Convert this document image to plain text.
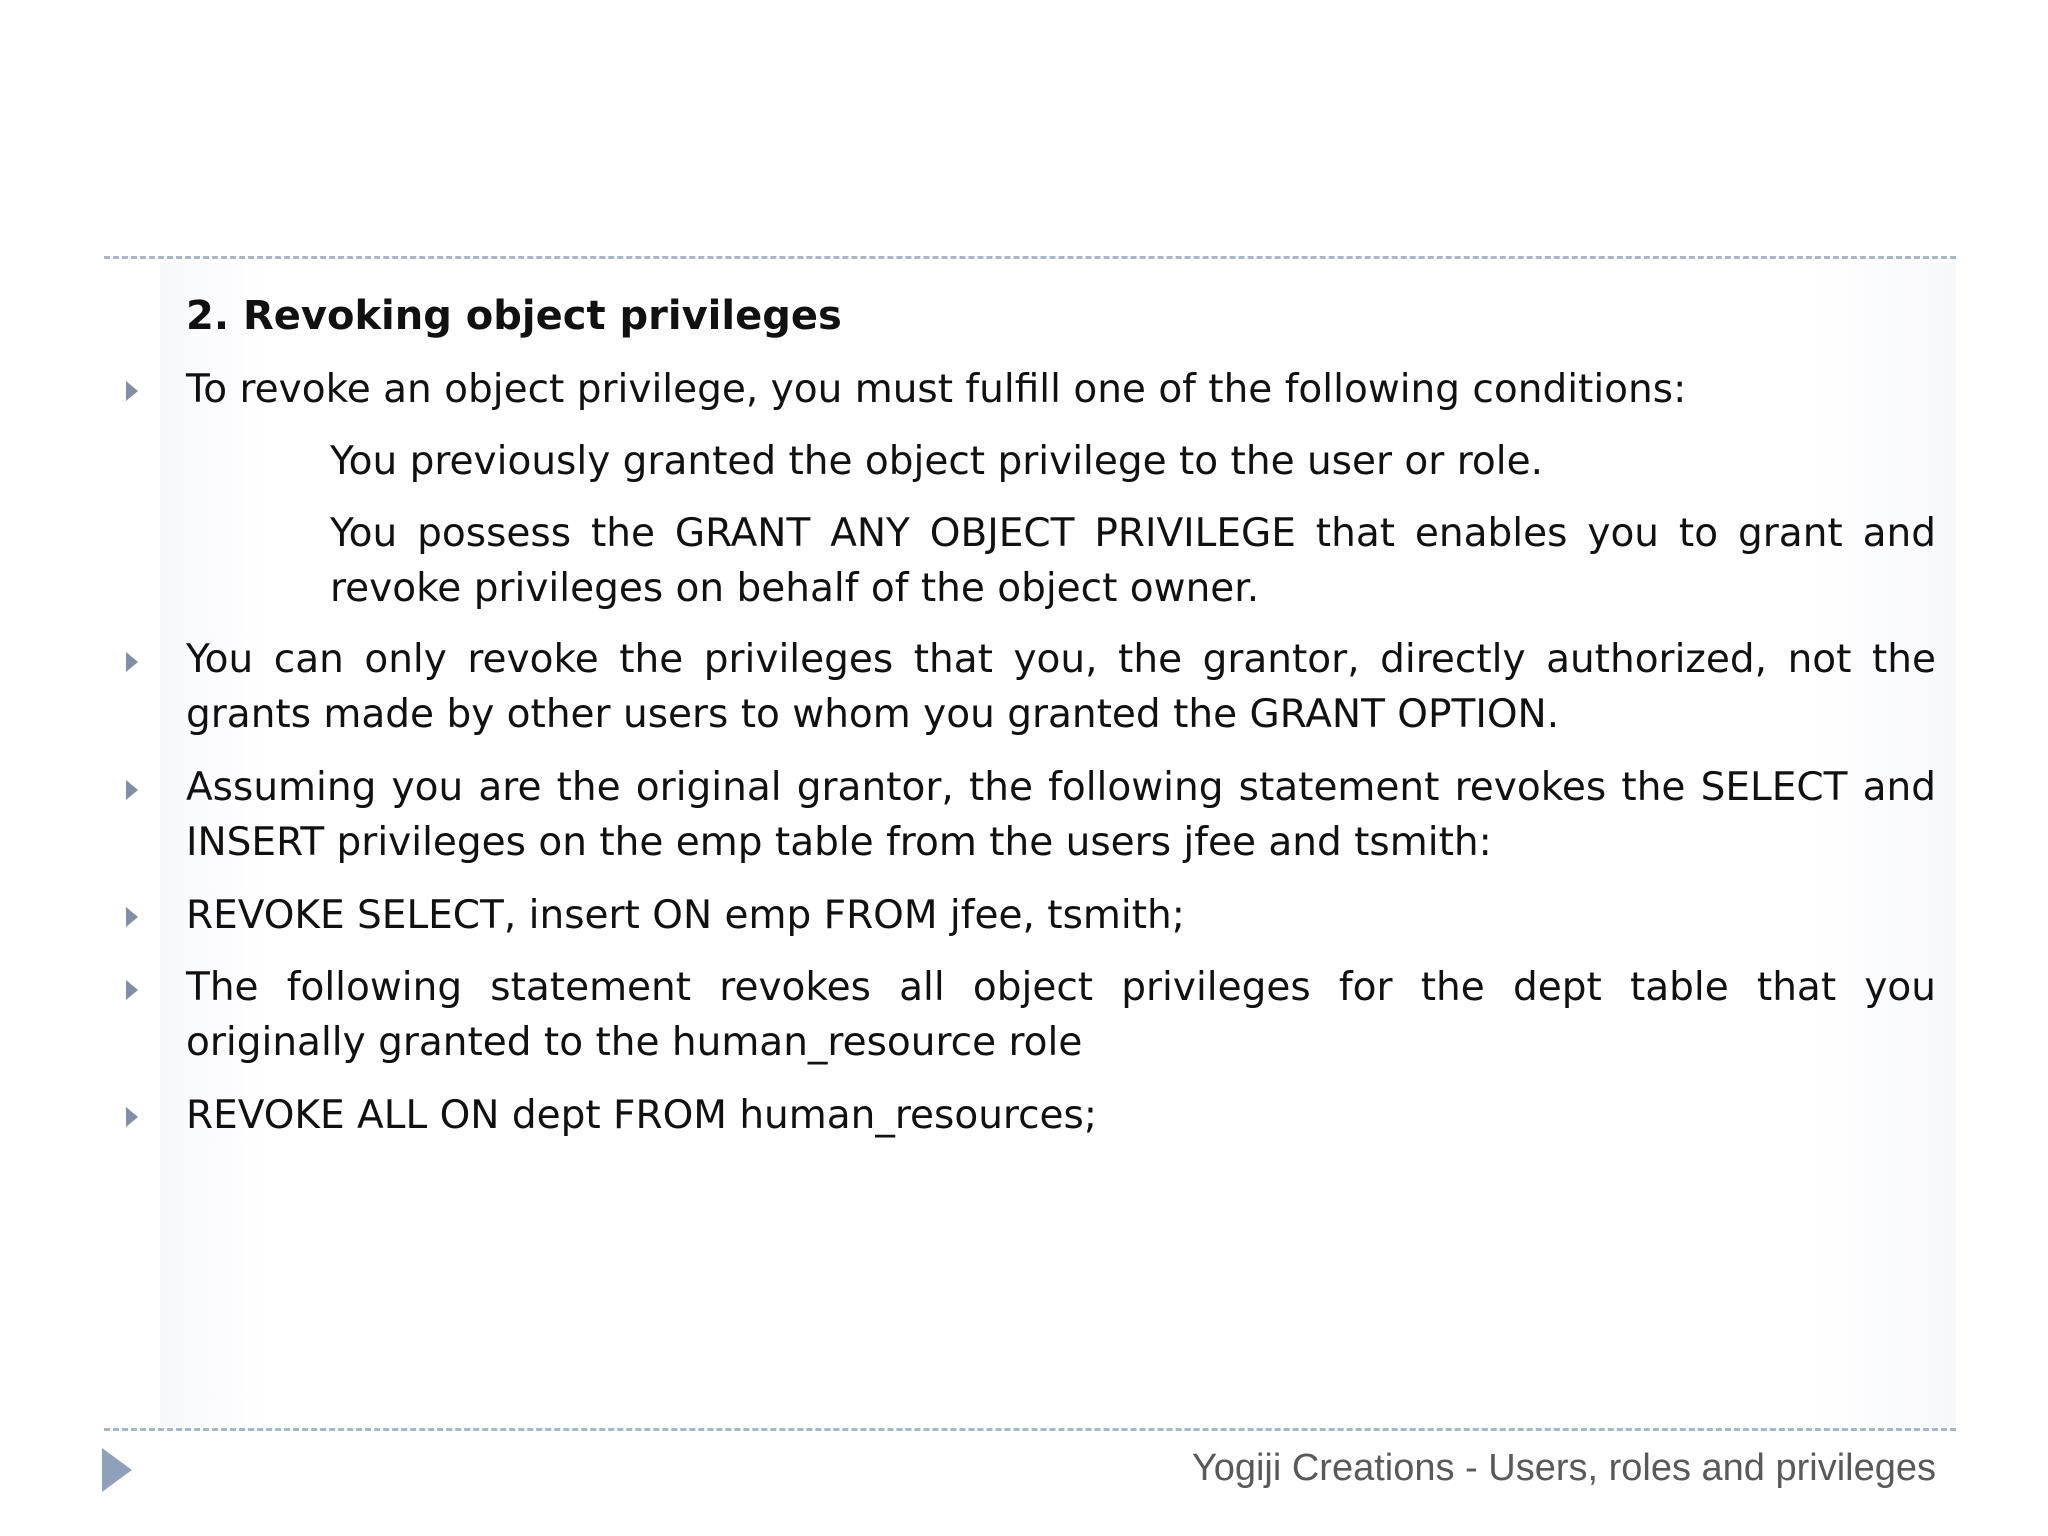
2. Revoking object privileges
To revoke an object privilege, you must fulfill one of the following conditions:
You previously granted the object privilege to the user or role.
You possess the GRANT ANY OBJECT PRIVILEGE that enables you to grant and revoke privileges on behalf of the object owner.
You can only revoke the privileges that you, the grantor, directly authorized, not the grants made by other users to whom you granted the GRANT OPTION.
Assuming you are the original grantor, the following statement revokes the SELECT and INSERT privileges on the emp table from the users jfee and tsmith:
REVOKE SELECT, insert ON emp FROM jfee, tsmith;
The following statement revokes all object privileges for the dept table that you originally granted to the human_resource role
REVOKE ALL ON dept FROM human_resources;
Yogiji Creations - Users, roles and privileges
